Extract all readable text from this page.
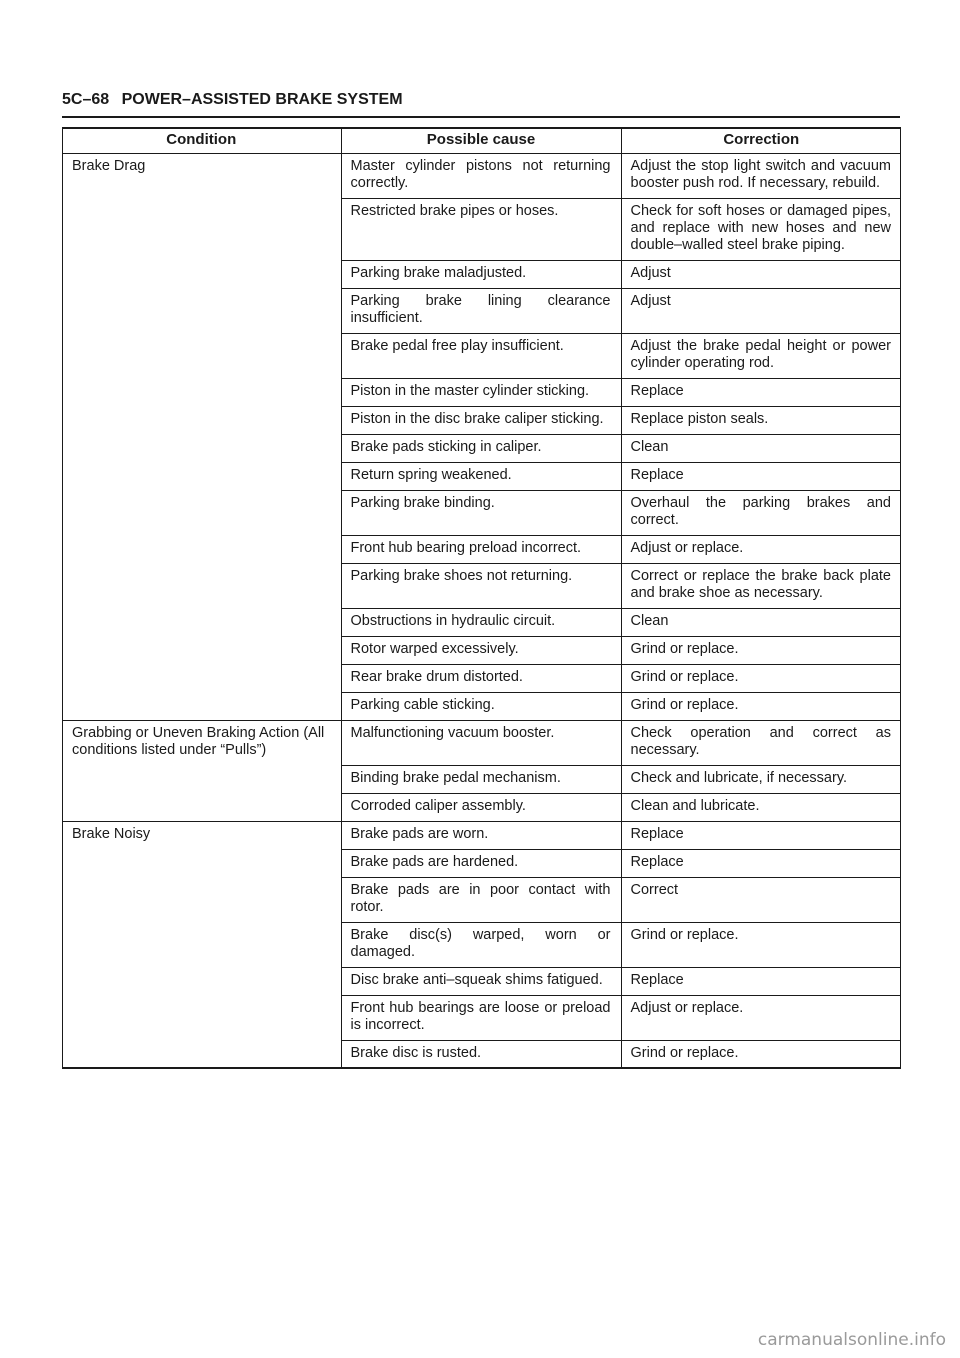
5C–68 POWER–ASSISTED BRAKE SYSTEM
Condition	Possible cause	Correction
Brake Drag	Master cylinder pistons not returning correctly.	Adjust the stop light switch and vacuum booster push rod. If necessary, rebuild.
	Restricted brake pipes or hoses.	Check for soft hoses or damaged pipes, and replace with new hoses and new double–walled steel brake piping.
	Parking brake maladjusted.	Adjust
	Parking brake lining clearance insufficient.	Adjust
	Brake pedal free play insufficient.	Adjust the brake pedal height or power cylinder operating rod.
	Piston in the master cylinder sticking.	Replace
	Piston in the disc brake caliper sticking.	Replace piston seals.
	Brake pads sticking in caliper.	Clean
	Return spring weakened.	Replace
	Parking brake binding.	Overhaul the parking brakes and correct.
	Front hub bearing preload incorrect.	Adjust or replace.
	Parking brake shoes not returning.	Correct or replace the brake back plate and brake shoe as necessary.
	Obstructions in hydraulic circuit.	Clean
	Rotor warped excessively.	Grind or replace.
	Rear brake drum distorted.	Grind or replace.
	Parking cable sticking.	Grind or replace.
Grabbing or Uneven Braking Action (All conditions listed under “Pulls”)	Malfunctioning vacuum booster.	Check operation and correct as necessary.
	Binding brake pedal mechanism.	Check and lubricate, if necessary.
	Corroded caliper assembly.	Clean and lubricate.
Brake Noisy	Brake pads are worn.	Replace
	Brake pads are hardened.	Replace
	Brake pads are in poor contact with rotor.	Correct
	Brake disc(s) warped, worn or damaged.	Grind or replace.
	Disc brake anti–squeak shims fatigued.	Replace
	Front hub bearings are loose or preload is incorrect.	Adjust or replace.
	Brake disc is rusted.	Grind or replace.
carmanualsonline.info
